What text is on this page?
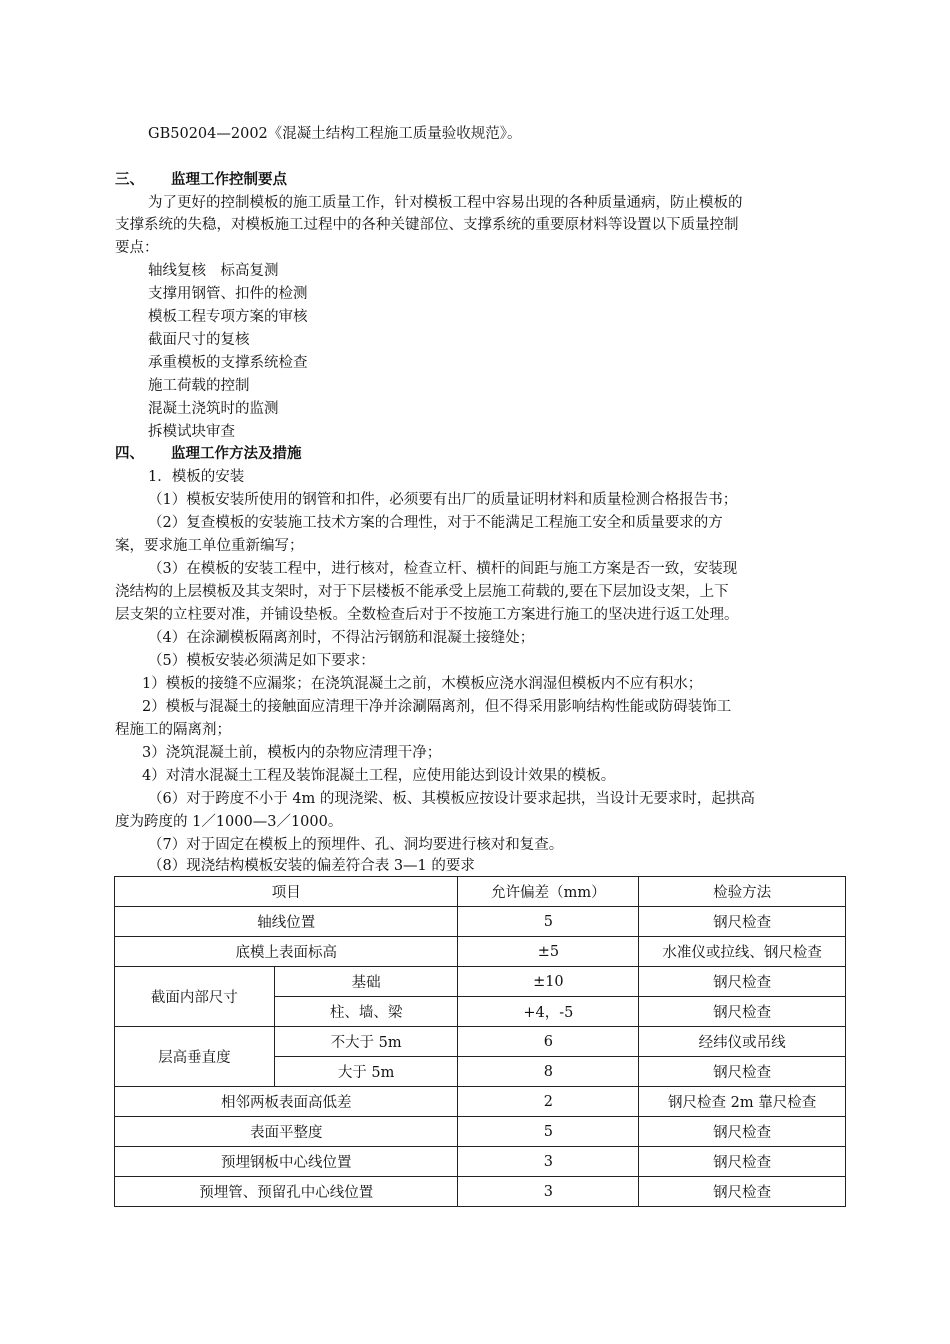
GB50204—2002《混凝土结构工程施工质量验收规范》。
三、 监理工作控制要点
为了更好的控制模板的施工质量工作，针对模板工程中容易出现的各种质量通病，防止模板的
支撑系统的失稳，对模板施工过程中的各种关键部位、支撑系统的重要原材料等设置以下质量控制
要点：
轴线复核　标高复测
支撑用钢管、扣件的检测
模板工程专项方案的审核
截面尺寸的复核
承重模板的支撑系统检查
施工荷载的控制
混凝土浇筑时的监测
拆模试块审查
四、 监理工作方法及措施
1．模板的安装
（1）模板安装所使用的钢管和扣件，必须要有出厂的质量证明材料和质量检测合格报告书；
（2）复查模板的安装施工技术方案的合理性，对于不能满足工程施工安全和质量要求的方
案，要求施工单位重新编写；
（3）在模板的安装工程中，进行核对，检查立杆、横杆的间距与施工方案是否一致，安装现
浇结构的上层模板及其支架时，对于下层楼板不能承受上层施工荷载的,要在下层加设支架，上下
层支架的立柱要对准，并铺设垫板。全数检查后对于不按施工方案进行施工的坚决进行返工处理。
（4）在涂涮模板隔离剂时，不得沾污钢筋和混凝土接缝处；
（5）模板安装必须满足如下要求：
1）模板的接缝不应漏浆；在浇筑混凝土之前，木模板应浇水润湿但模板内不应有积水；
2）模板与混凝土的接触面应清理干净并涂涮隔离剂，但不得采用影响结构性能或防碍装饰工
程施工的隔离剂；
3）浇筑混凝土前，模板内的杂物应清理干净；
4）对清水混凝土工程及装饰混凝土工程，应使用能达到设计效果的模板。
（6）对于跨度不小于 4m 的现浇梁、板、其模板应按设计要求起拱，当设计无要求时，起拱高
度为跨度的 1／1000—3／1000。
（7）对于固定在模板上的预埋件、孔、洞均要进行核对和复查。
（8）现浇结构模板安装的偏差符合表 3—1 的要求
项目		允许偏差（mm）	检验方法
轴线位置		5	钢尺检查
底模上表面标高		±5	水准仪或拉线、钢尺检查
截面内部尺寸	基础	±10	钢尺检查
	柱、墙、梁	+4，-5	钢尺检查
层高垂直度	不大于 5m	6	经纬仪或吊线
	大于 5m	8	钢尺检查
相邻两板表面高低差		2	钢尺检查 2m 靠尺检查
表面平整度		5	钢尺检查
预埋钢板中心线位置		3	钢尺检查
预埋管、预留孔中心线位置		3	钢尺检查
